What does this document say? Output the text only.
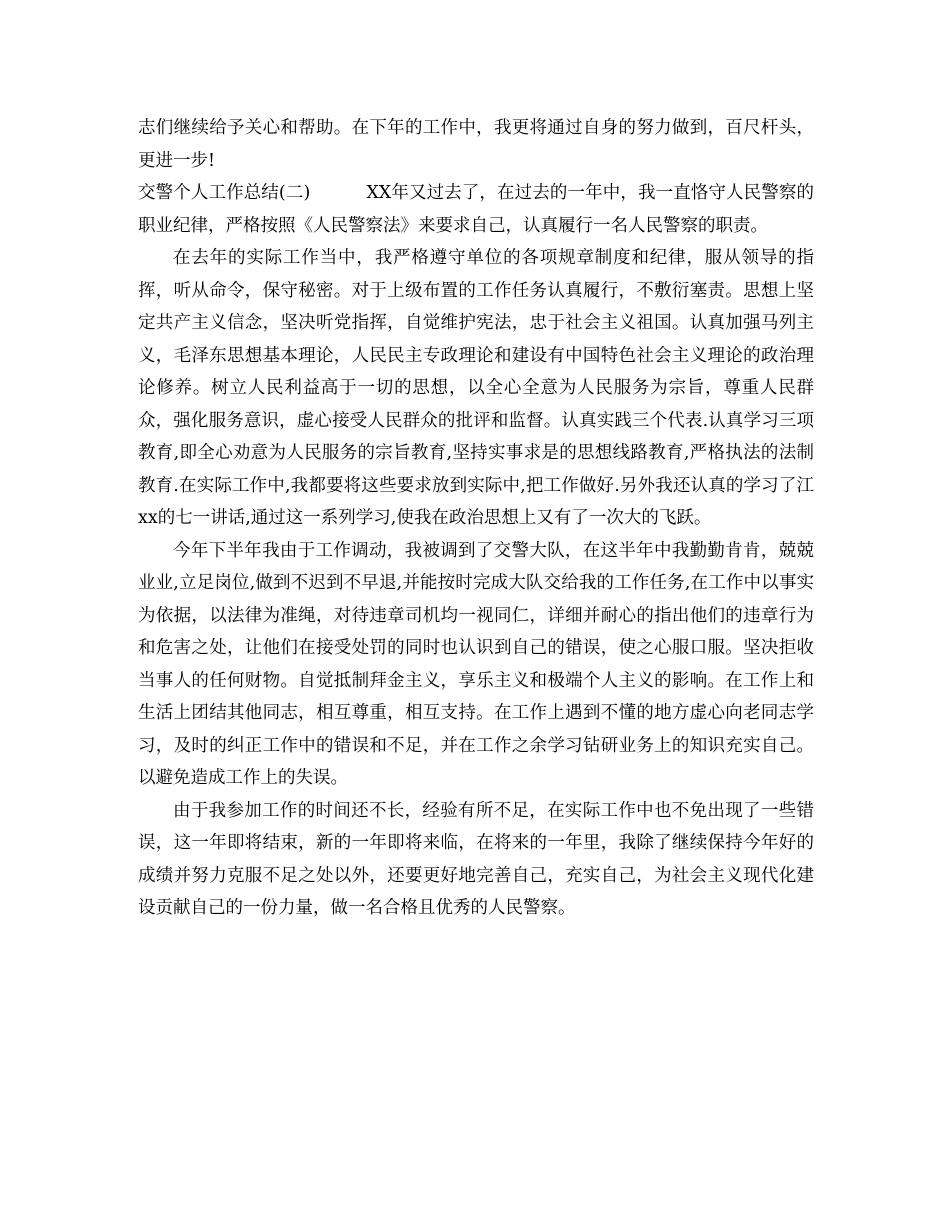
志们继续给予关心和帮助。在下年的工作中，我更将通过自身的努力做到，百尺杆头，更进一步!

交警个人工作总结(二)	XX年又过去了，在过去的一年中，我一直恪守人民警察的职业纪律，严格按照《人民警察法》来要求自己，认真履行一名人民警察的职责。

在去年的实际工作当中，我严格遵守单位的各项规章制度和纪律，服从领导的指挥，听从命令，保守秘密。对于上级布置的工作任务认真履行，不敷衍塞责。思想上坚定共产主义信念，坚决听党指挥，自觉维护宪法，忠于社会主义祖国。认真加强马列主义，毛泽东思想基本理论，人民民主专政理论和建设有中国特色社会主义理论的政治理论修养。树立人民利益高于一切的思想，以全心全意为人民服务为宗旨，尊重人民群众，强化服务意识，虚心接受人民群众的批评和监督。认真实践三个代表.认真学习三项教育,即全心劝意为人民服务的宗旨教育,坚持实事求是的思想线路教育,严格执法的法制教育.在实际工作中,我都要将这些要求放到实际中,把工作做好.另外我还认真的学习了江xx的七一讲话,通过这一系列学习,使我在政治思想上又有了一次大的飞跃。

今年下半年我由于工作调动，我被调到了交警大队，在这半年中我勤勤肯肯，兢兢业业,立足岗位,做到不迟到不早退,并能按时完成大队交给我的工作任务,在工作中以事实为依据，以法律为准绳，对待违章司机均一视同仁，详细并耐心的指出他们的违章行为和危害之处，让他们在接受处罚的同时也认识到自己的错误，使之心服口服。坚决拒收当事人的任何财物。自觉抵制拜金主义，享乐主义和极端个人主义的影响。在工作上和生活上团结其他同志，相互尊重，相互支持。在工作上遇到不懂的地方虚心向老同志学习，及时的纠正工作中的错误和不足，并在工作之余学习钻研业务上的知识充实自己。以避免造成工作上的失误。

由于我参加工作的时间还不长，经验有所不足，在实际工作中也不免出现了一些错误，这一年即将结束，新的一年即将来临，在将来的一年里，我除了继续保持今年好的成绩并努力克服不足之处以外，还要更好地完善自己，充实自己，为社会主义现代化建设贡献自己的一份力量，做一名合格且优秀的人民警察。
